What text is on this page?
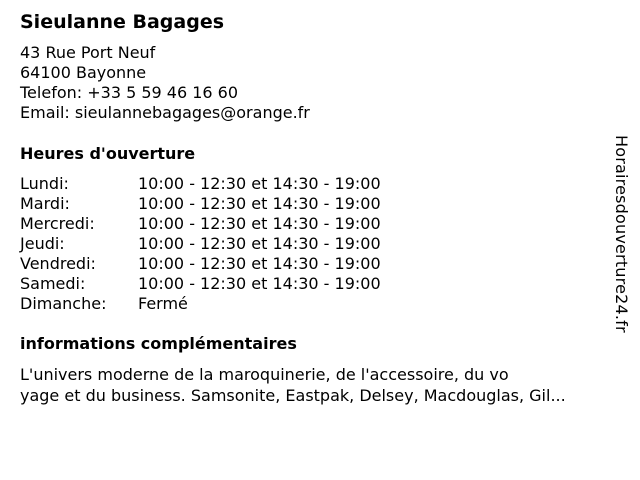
Sieulanne Bagages
43 Rue Port Neuf
64100 Bayonne
Telefon: +33 5 59 46 16 60
Email: sieulannebagages@orange.fr
Heures d'ouverture
Lundi:	10:00 - 12:30 et 14:30 - 19:00
Mardi:	10:00 - 12:30 et 14:30 - 19:00
Mercredi:	10:00 - 12:30 et 14:30 - 19:00
Jeudi:	10:00 - 12:30 et 14:30 - 19:00
Vendredi:	10:00 - 12:30 et 14:30 - 19:00
Samedi:	10:00 - 12:30 et 14:30 - 19:00
Dimanche:	Fermé
informations complémentaires
L'univers moderne de la maroquinerie, de l'accessoire, du vo
yage et du business. Samsonite, Eastpak, Delsey, Macdouglas, Gil...
Horairesdouverture24.fr
